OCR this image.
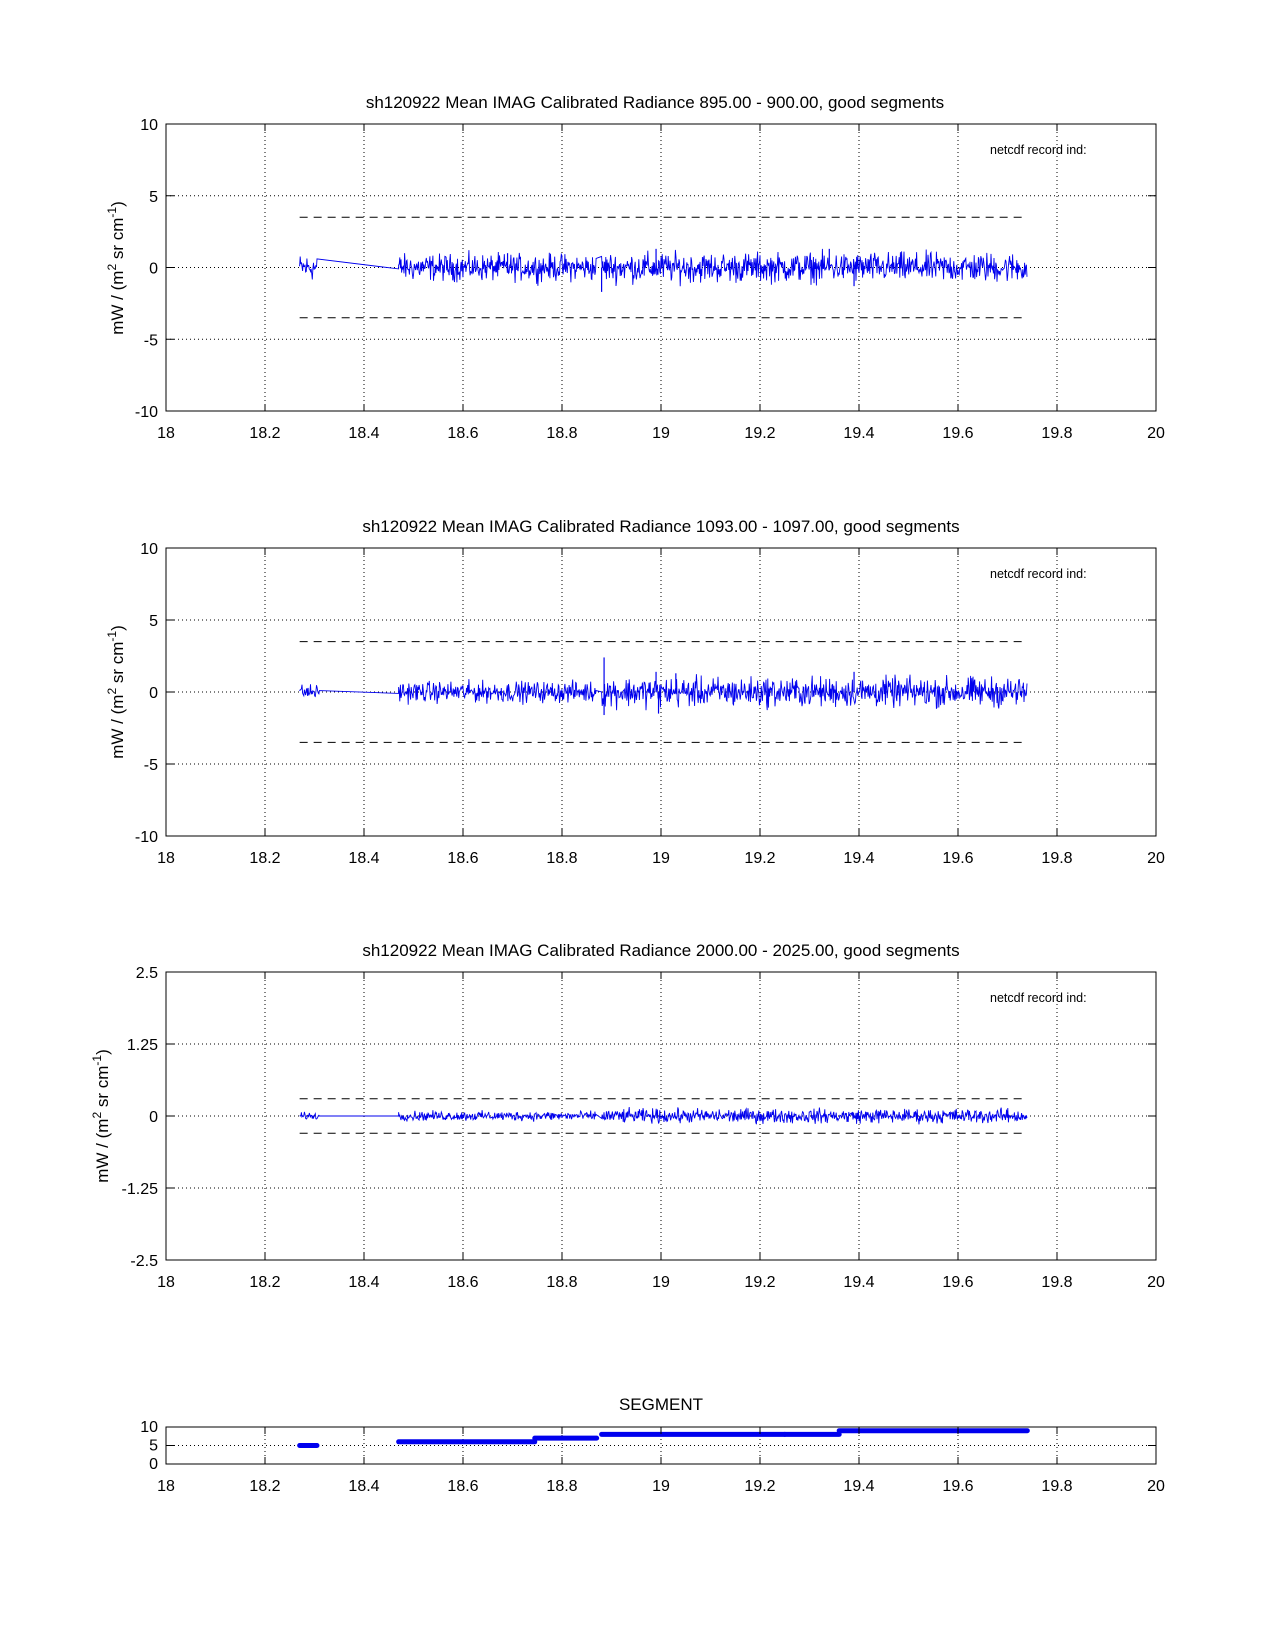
sh120922 Mean IMAG Calibrated Radiance 895.00 - 900.00, good segments
18	18.2	18.4	18.6	18.8	19	19.2	19.4	19.6	19.8	20
-10
-5
0
5
10
netcdf record ind:
mW / ($m^2$ sr $cm^{-1}$)
sh120922 Mean IMAG Calibrated Radiance 1093.00 - 1097.00, good segments
18	18.2	18.4	18.6	18.8	19	19.2	19.4	19.6	19.8	20
-10
-5
0
5
10
netcdf record ind:
mW / ($m^2$ sr $cm^{-1}$)
sh120922 Mean IMAG Calibrated Radiance 2000.00 - 2025.00, good segments
18	18.2	18.4	18.6	18.8	19	19.2	19.4	19.6	19.8	20
-2.5
-1.25
0
1.25
2.5
netcdf record ind:
mW / ($m^2$ sr $cm^{-1}$)
SEGMENT
18	18.2	18.4	18.6	18.8	19	19.2	19.4	19.6	19.8	20
0
5
10
